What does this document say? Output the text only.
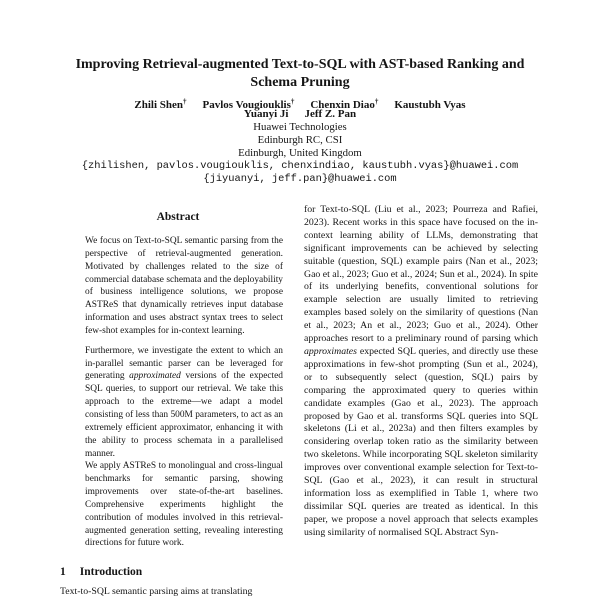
Improving Retrieval-augmented Text-to-SQL with AST-based Ranking and
Schema Pruning
Zhili Shen† Pavlos Vougiouklis† Chenxin Diao† Kaustubh Vyas
Yuanyi Ji Jeff Z. Pan
Huawei Technologies
Edinburgh RC, CSI
Edinburgh, United Kingdom
{zhilishen, pavlos.vougiouklis, chenxindiao, kaustubh.vyas}@huawei.com
{jiyuanyi, jeff.pan}@huawei.com
Abstract

We focus on Text-to-SQL semantic parsing from the perspective of retrieval-augmented generation. Motivated by challenges related to the size of commercial database schemata and the deployability of business intelligence solutions, we propose ASTReS that dynamically retrieves input database information and uses abstract syntax trees to select few-shot examples for in-context learning.

Furthermore, we investigate the extent to which an in-parallel semantic parser can be leveraged for generating approximated versions of the expected SQL queries, to support our retrieval. We take this approach to the extreme—we adapt a model consisting of less than 500M parameters, to act as an extremely efficient approximator, enhancing it with the ability to process schemata in a parallelised manner.

We apply ASTReS to monolingual and cross-lingual benchmarks for semantic parsing, showing improvements over state-of-the-art baselines. Comprehensive experiments highlight the contribution of modules involved in this retrieval-augmented generation setting, revealing interesting directions for future work.

1 Introduction

Text-to-SQL semantic parsing aims at translating

for Text-to-SQL (Liu et al., 2023; Pourreza and Rafiei, 2023). Recent works in this space have focused on the in-context learning ability of LLMs, demonstrating that significant improvements can be achieved by selecting suitable (question, SQL) example pairs (Nan et al., 2023; Gao et al., 2023; Guo et al., 2024; Sun et al., 2024). In spite of its underlying benefits, conventional solutions for example selection are usually limited to retrieving examples based solely on the similarity of questions (Nan et al., 2023; An et al., 2023; Guo et al., 2024). Other approaches resort to a preliminary round of parsing which approximates expected SQL queries, and directly use these approximations in few-shot prompting (Sun et al., 2024), or to subsequently select (question, SQL) pairs by comparing the approximated query to queries within candidate examples (Gao et al., 2023). The approach proposed by Gao et al. transforms SQL queries into SQL skeletons (Li et al., 2023a) and then filters examples by considering overlap token ratio as the similarity between two skeletons. While incorporating SQL skeleton similarity improves over conventional example selection for Text-to-SQL (Gao et al., 2023), it can result in structural information loss as exemplified in Table 1, where two dissimilar SQL queries are treated as identical. In this paper, we propose a novel approach that selects examples using similarity of normalised SQL Abstract Syn-
